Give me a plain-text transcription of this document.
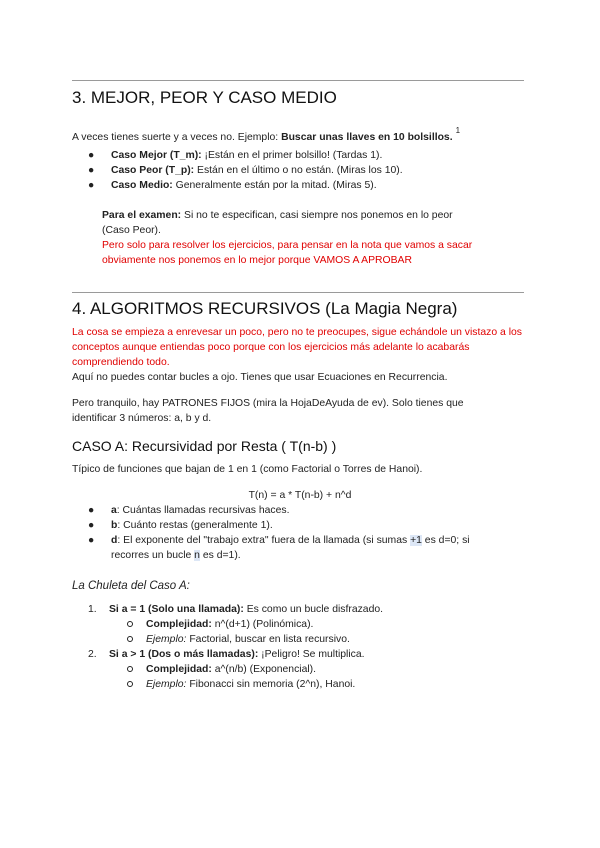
3. MEJOR, PEOR Y CASO MEDIO
A veces tienes suerte y a veces no. Ejemplo: Buscar unas llaves en 10 bolsillos.$^1$
● Caso Mejor (T_m): ¡Están en el primer bolsillo! (Tardas 1).
● Caso Peor (T_p): Están en el último o no están. (Miras los 10).
● Caso Medio: Generalmente están por la mitad. (Miras 5).
Para el examen: Si no te especifican, casi siempre nos ponemos en lo peor (Caso Peor).
Pero solo para resolver los ejercicios, para pensar en la nota que vamos a sacar obviamente nos ponemos en lo mejor porque VAMOS A APROBAR
4. ALGORITMOS RECURSIVOS (La Magia Negra)
La cosa se empieza a enrevesar un poco, pero no te preocupes, sigue echándole un vistazo a los conceptos aunque entiendas poco porque con los ejercicios más adelante lo acabarás comprendiendo todo.
Aquí no puedes contar bucles a ojo. Tienes que usar Ecuaciones en Recurrencia.
Pero tranquilo, hay PATRONES FIJOS (mira la HojaDeAyuda de ev). Solo tienes que identificar 3 números: a, b y d.
CASO A: Recursividad por Resta ( T(n-b) )
Típico de funciones que bajan de 1 en 1 (como Factorial o Torres de Hanoi).
T(n) = a * T(n-b) + n^d
● a: Cuántas llamadas recursivas haces.
● b: Cuánto restas (generalmente 1).
● d: El exponente del "trabajo extra" fuera de la llamada (si sumas +1 es d=0; si recorres un bucle n es d=1).
La Chuleta del Caso A:
1. Si a = 1 (Solo una llamada): Es como un bucle disfrazado.
Complejidad: n^(d+1) (Polinómica).
Ejemplo: Factorial, buscar en lista recursivo.
2. Si a > 1 (Dos o más llamadas): ¡Peligro! Se multiplica.
Complejidad: a^(n/b) (Exponencial).
Ejemplo: Fibonacci sin memoria (2^n), Hanoi.
